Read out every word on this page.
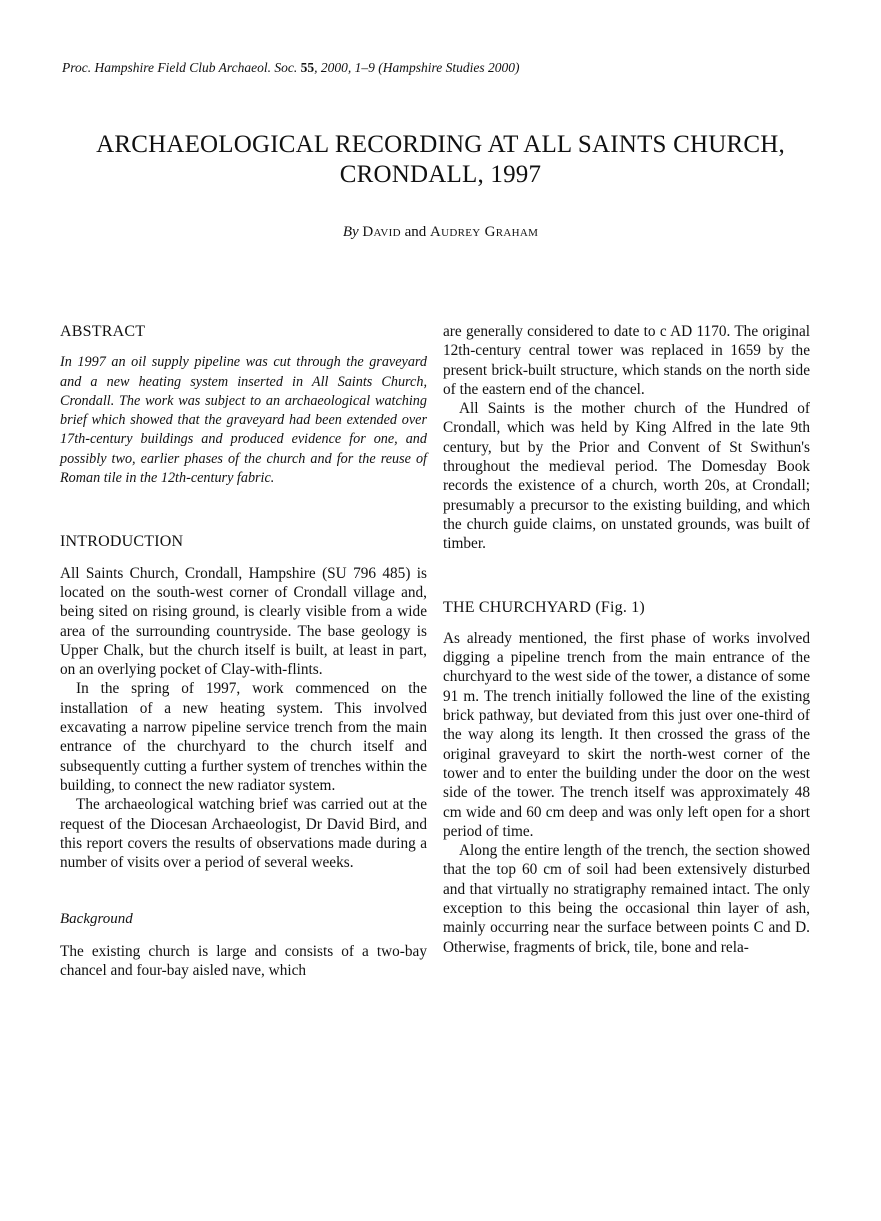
Proc. Hampshire Field Club Archaeol. Soc. 55, 2000, 1–9 (Hampshire Studies 2000)
ARCHAEOLOGICAL RECORDING AT ALL SAINTS CHURCH,
CRONDALL, 1997
By David and Audrey Graham
ABSTRACT

In 1997 an oil supply pipeline was cut through the graveyard and a new heating system inserted in All Saints Church, Crondall. The work was subject to an archaeological watching brief which showed that the graveyard had been extended over 17th-century buildings and produced evidence for one, and possibly two, earlier phases of the church and for the reuse of Roman tile in the 12th-century fabric.

INTRODUCTION

All Saints Church, Crondall, Hampshire (SU 796 485) is located on the south-west corner of Crondall village and, being sited on rising ground, is clearly visible from a wide area of the surrounding countryside. The base geology is Upper Chalk, but the church itself is built, at least in part, on an overlying pocket of Clay-with-flints.

In the spring of 1997, work commenced on the installation of a new heating system. This involved excavating a narrow pipeline service trench from the main entrance of the churchyard to the church itself and subsequently cutting a further system of trenches within the building, to connect the new radiator system.

The archaeological watching brief was carried out at the request of the Diocesan Archaeologist, Dr David Bird, and this report covers the results of observations made during a number of visits over a period of several weeks.

Background

The existing church is large and consists of a two-bay chancel and four-bay aisled nave, which

are generally considered to date to c AD 1170. The original 12th-century central tower was replaced in 1659 by the present brick-built structure, which stands on the north side of the eastern end of the chancel.

All Saints is the mother church of the Hundred of Crondall, which was held by King Alfred in the late 9th century, but by the Prior and Convent of St Swithun's throughout the medieval period. The Domesday Book records the existence of a church, worth 20s, at Crondall; presumably a precursor to the existing building, and which the church guide claims, on unstated grounds, was built of timber.

THE CHURCHYARD (Fig. 1)

As already mentioned, the first phase of works involved digging a pipeline trench from the main entrance of the churchyard to the west side of the tower, a distance of some 91 m. The trench initially followed the line of the existing brick pathway, but deviated from this just over one-third of the way along its length. It then crossed the grass of the original graveyard to skirt the north-west corner of the tower and to enter the building under the door on the west side of the tower. The trench itself was approximately 48 cm wide and 60 cm deep and was only left open for a short period of time.

Along the entire length of the trench, the section showed that the top 60 cm of soil had been extensively disturbed and that virtually no stratigraphy remained intact. The only exception to this being the occasional thin layer of ash, mainly occurring near the surface between points C and D. Otherwise, fragments of brick, tile, bone and rela-
